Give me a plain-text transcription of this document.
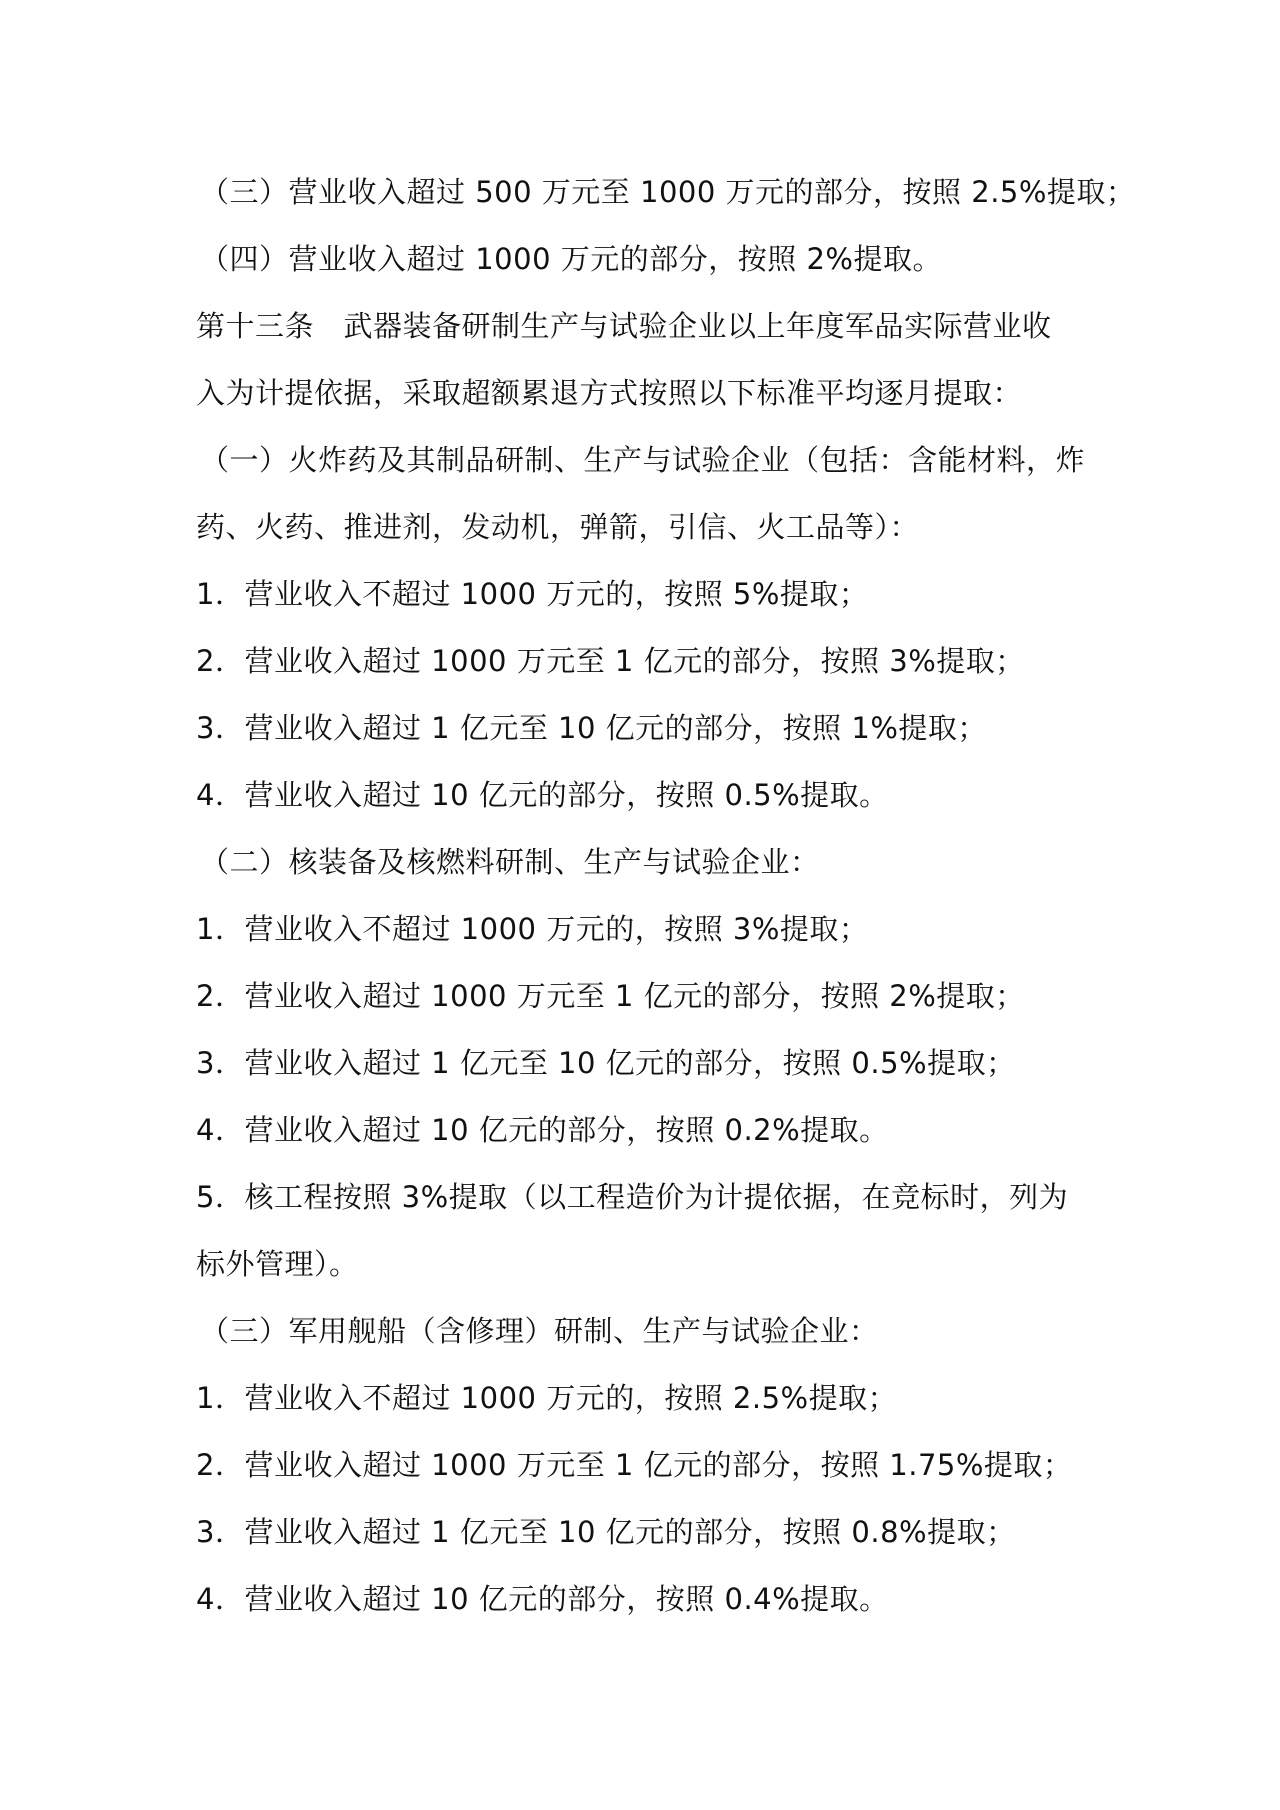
（三）营业收入超过 500 万元至 1000 万元的部分，按照 2.5%提取；
（四）营业收入超过 1000 万元的部分，按照 2%提取。
第十三条　武器装备研制生产与试验企业以上年度军品实际营业收
入为计提依据，采取超额累退方式按照以下标准平均逐月提取：
（一）火炸药及其制品研制、生产与试验企业（包括：含能材料，炸
药、火药、推进剂，发动机，弹箭，引信、火工品等）：
1．营业收入不超过 1000 万元的，按照 5%提取；
2．营业收入超过 1000 万元至 1 亿元的部分，按照 3%提取；
3．营业收入超过 1 亿元至 10 亿元的部分，按照 1%提取；
4．营业收入超过 10 亿元的部分，按照 0.5%提取。
（二）核装备及核燃料研制、生产与试验企业：
1．营业收入不超过 1000 万元的，按照 3%提取；
2．营业收入超过 1000 万元至 1 亿元的部分，按照 2%提取；
3．营业收入超过 1 亿元至 10 亿元的部分，按照 0.5%提取；
4．营业收入超过 10 亿元的部分，按照 0.2%提取。
5．核工程按照 3%提取（以工程造价为计提依据，在竞标时，列为
标外管理）。
（三）军用舰船（含修理）研制、生产与试验企业：
1．营业收入不超过 1000 万元的，按照 2.5%提取；
2．营业收入超过 1000 万元至 1 亿元的部分，按照 1.75%提取；
3．营业收入超过 1 亿元至 10 亿元的部分，按照 0.8%提取；
4．营业收入超过 10 亿元的部分，按照 0.4%提取。
